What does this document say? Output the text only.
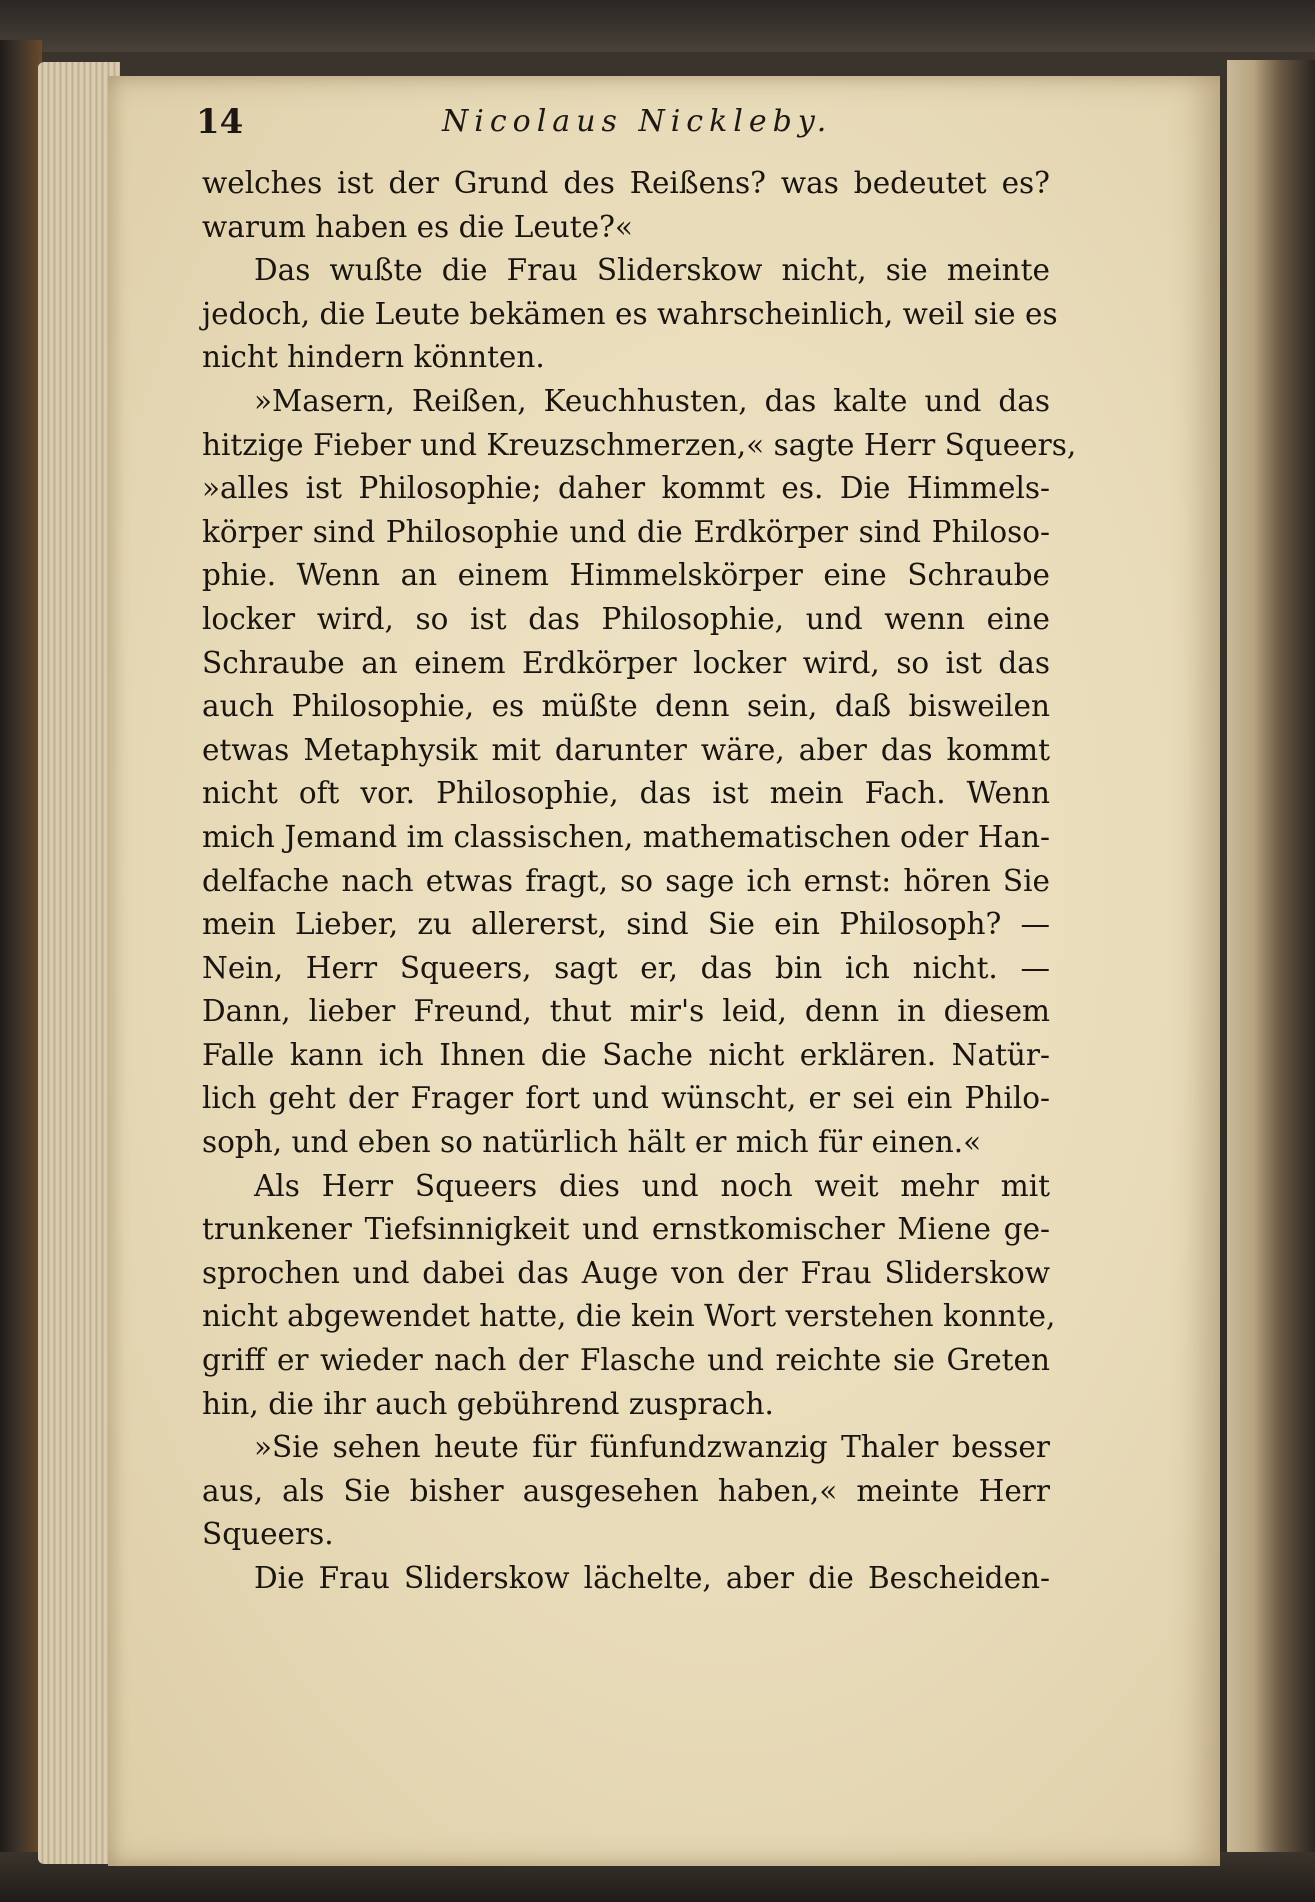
14	Nicolaus Nickleby.
welches ist der Grund des Reißens? was bedeutet es?
warum haben es die Leute?«
Das wußte die Frau Sliderskow nicht, sie meinte
jedoch, die Leute bekämen es wahrscheinlich, weil sie es
nicht hindern könnten.
»Masern, Reißen, Keuchhusten, das kalte und das
hitzige Fieber und Kreuzschmerzen,« sagte Herr Squeers,
»alles ist Philosophie; daher kommt es. Die Himmels-
körper sind Philosophie und die Erdkörper sind Philoso-
phie. Wenn an einem Himmelskörper eine Schraube
locker wird, so ist das Philosophie, und wenn eine
Schraube an einem Erdkörper locker wird, so ist das
auch Philosophie, es müßte denn sein, daß bisweilen
etwas Metaphysik mit darunter wäre, aber das kommt
nicht oft vor. Philosophie, das ist mein Fach. Wenn
mich Jemand im classischen, mathematischen oder Han-
delfache nach etwas fragt, so sage ich ernst: hören Sie
mein Lieber, zu allererst, sind Sie ein Philosoph? —
Nein, Herr Squeers, sagt er, das bin ich nicht. —
Dann, lieber Freund, thut mir's leid, denn in diesem
Falle kann ich Ihnen die Sache nicht erklären. Natür-
lich geht der Frager fort und wünscht, er sei ein Philo-
soph, und eben so natürlich hält er mich für einen.«
Als Herr Squeers dies und noch weit mehr mit
trunkener Tiefsinnigkeit und ernstkomischer Miene ge-
sprochen und dabei das Auge von der Frau Sliderskow
nicht abgewendet hatte, die kein Wort verstehen konnte,
griff er wieder nach der Flasche und reichte sie Greten
hin, die ihr auch gebührend zusprach.
»Sie sehen heute für fünfundzwanzig Thaler besser
aus, als Sie bisher ausgesehen haben,« meinte Herr
Squeers.
Die Frau Sliderskow lächelte, aber die Bescheiden-
